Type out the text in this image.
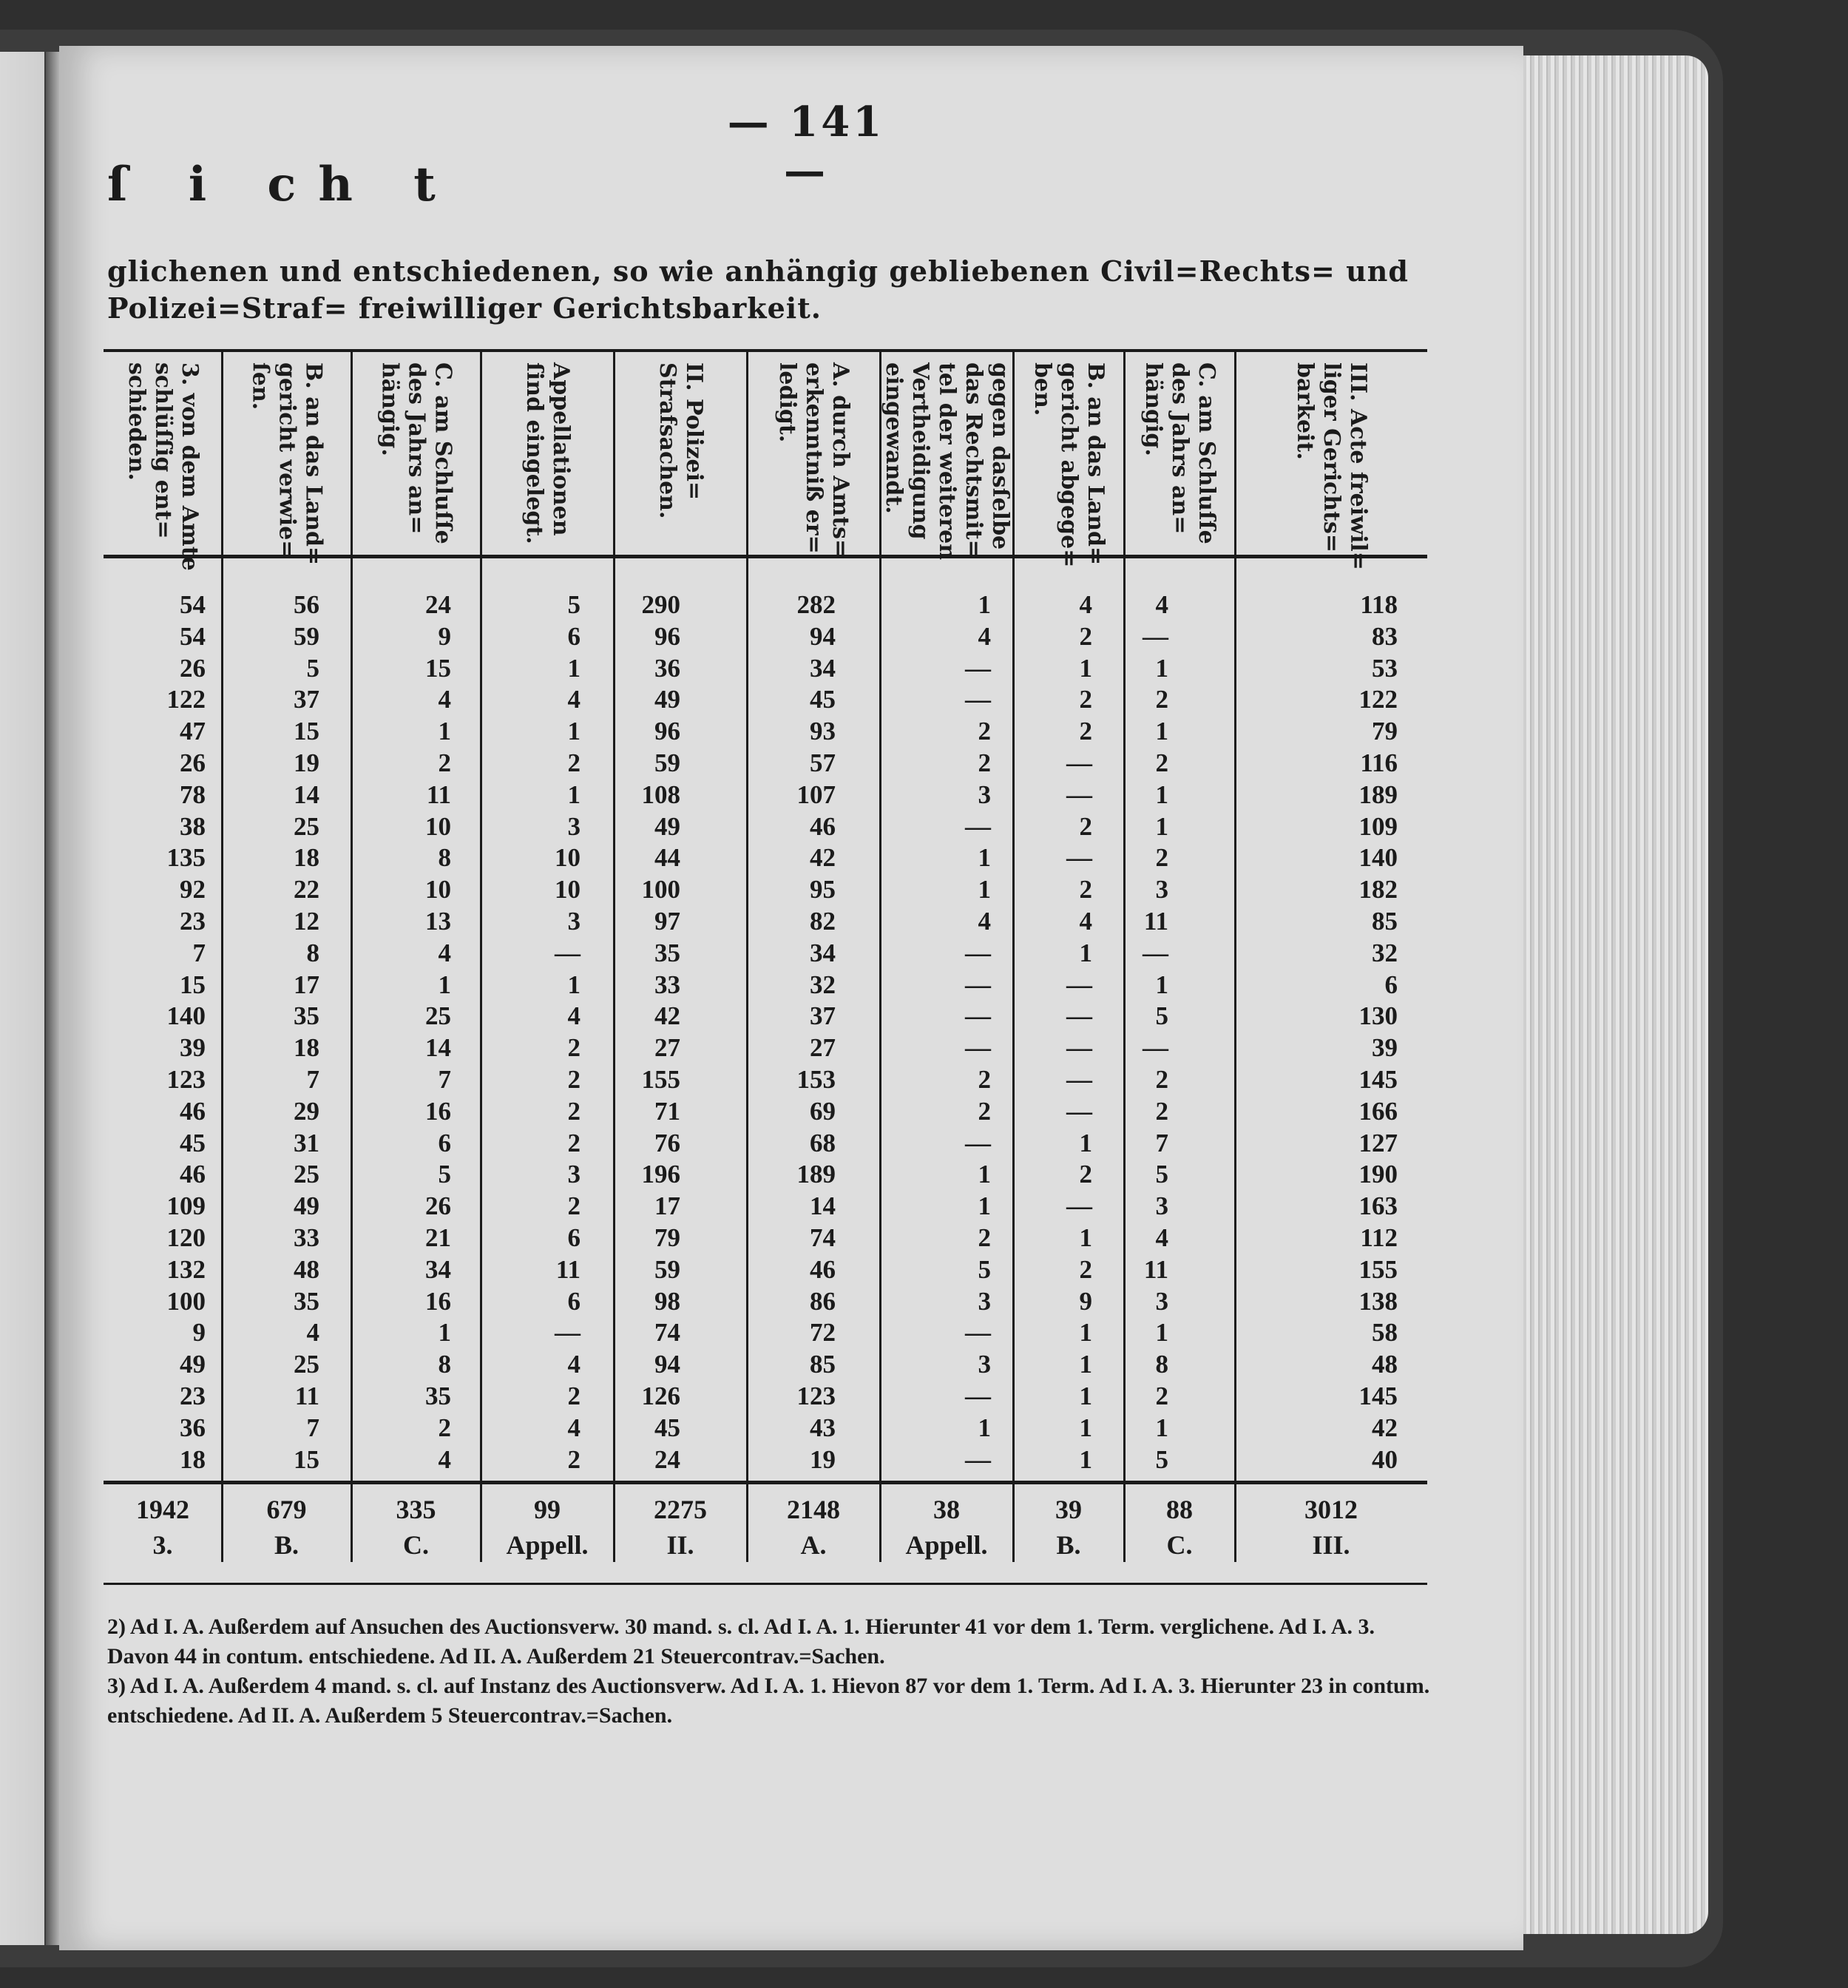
— 141 —
ſ i ch t
glichenen und entschiedenen, so wie anhängig gebliebenen Civil=Rechts= und Polizei=Straf= freiwilliger Gerichtsbarkeit.
3. von dem Amte
schlüſſig ent=
schieden.
54
54
26
122
47
26
78
38
135
92
23
7
15
140
39
123
46
45
46
109
120
132
100
9
49
23
36
18
1942
3.
B. an das Land=
gericht verwie=
ſen.
56
59
5
37
15
19
14
25
18
22
12
8
17
35
18
7
29
31
25
49
33
48
35
4
25
11
7
15
679
B.
C. am Schluſſe
des Jahrs an=
hängig.
24
9
15
4
1
2
11
10
8
10
13
4
1
25
14
7
16
6
5
26
21
34
16
1
8
35
2
4
335
C.
Appellationen
ſind eingelegt.
5
6
1
4
1
2
1
3
10
10
3
—
1
4
2
2
2
2
3
2
6
11
6
—
4
2
4
2
99
Appell.
II. Polizei=
Strafsachen.
290
96
36
49
96
59
108
49
44
100
97
35
33
42
27
155
71
76
196
17
79
59
98
74
94
126
45
24
2275
II.
A. durch Amts=
erkenntniß er=
ledigt.
282
94
34
45
93
57
107
46
42
95
82
34
32
37
27
153
69
68
189
14
74
46
86
72
85
123
43
19
2148
A.
gegen dasſelbe
das Rechtsmit=
tel der weiteren
Vertheidigung
eingewandt.
1
4
—
—
2
2
3
—
1
1
4
—
—
—
—
2
2
—
1
1
2
5
3
—
3
—
1
—
38
Appell.
B. an das Land=
gericht abgege=
ben.
4
2
1
2
2
—
—
2
—
2
4
1
—
—
—
—
—
1
2
—
1
2
9
1
1
1
1
1
39
B.
C. am Schluſſe
des Jahrs an=
hängig.
4
—
1
2
1
2
1
1
2
3
11
—
1
5
—
2
2
7
5
3
4
11
3
1
8
2
1
5
88
C.
III. Acte freiwil=
liger Gerichts=
barkeit.
118
83
53
122
79
116
189
109
140
182
85
32
6
130
39
145
166
127
190
163
112
155
138
58
48
145
42
40
3012
III.

2) Ad I. A. Außerdem auf Ansuchen des Auctionsverw. 30 mand. s. cl. Ad I. A. 1. Hierunter 41 vor dem 1. Term. verglichene. Ad I. A. 3. Davon 44 in contum. entschiedene. Ad II. A. Außerdem 21 Steuercontrav.=Sachen.

3) Ad I. A. Außerdem 4 mand. s. cl. auf Instanz des Auctionsverw. Ad I. A. 1. Hievon 87 vor dem 1. Term. Ad I. A. 3. Hierunter 23 in contum. entschiedene. Ad II. A. Außerdem 5 Steuercontrav.=Sachen.
